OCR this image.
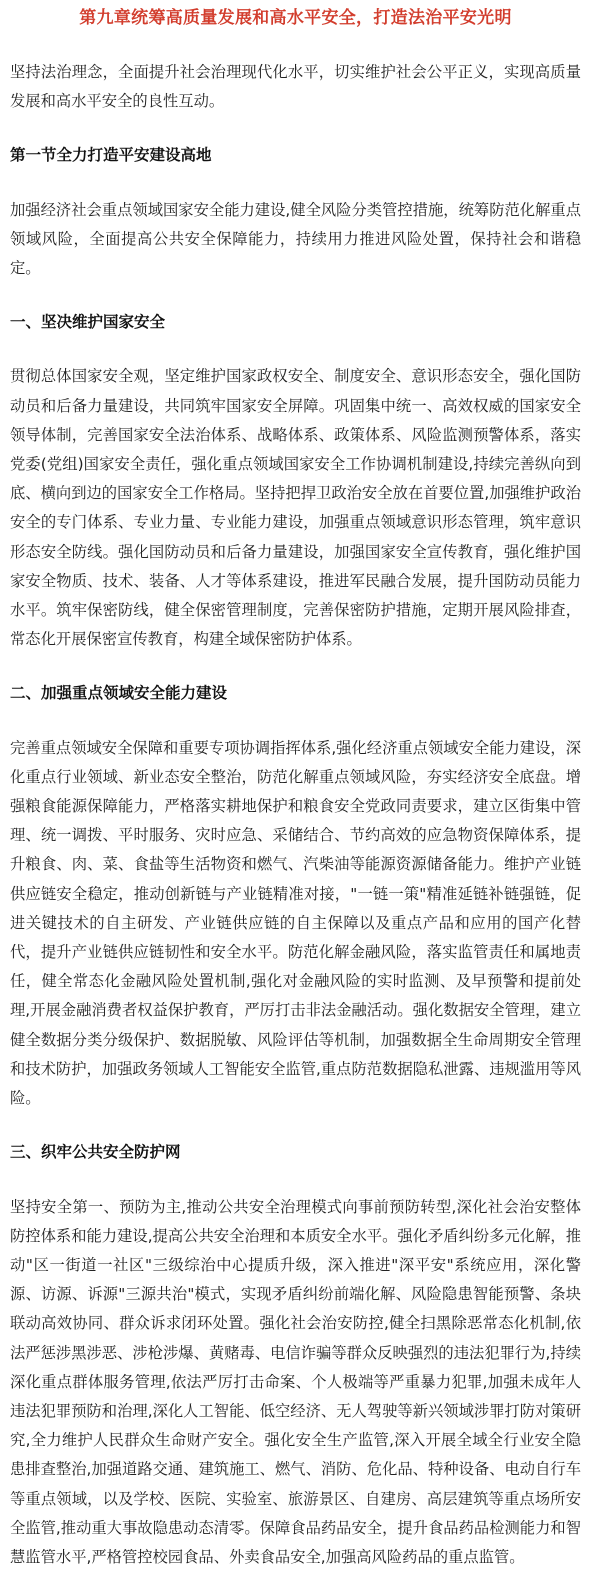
第九章统筹高质量发展和高水平安全，打造法治平安光明

坚持法治理念，全面提升社会治理现代化水平，切实维护社会公平正义，实现高质量发展和高水平安全的良性互动。

第一节全力打造平安建设高地

加强经济社会重点领域国家安全能力建设,健全风险分类管控措施，统筹防范化解重点领域风险，全面提高公共安全保障能力，持续用力推进风险处置，保持社会和谐稳定。

一、坚决维护国家安全

贯彻总体国家安全观，坚定维护国家政权安全、制度安全、意识形态安全，强化国防动员和后备力量建设，共同筑牢国家安全屏障。巩固集中统一、高效权威的国家安全领导体制，完善国家安全法治体系、战略体系、政策体系、风险监测预警体系，落实党委(党组)国家安全责任，强化重点领域国家安全工作协调机制建设,持续完善纵向到底、横向到边的国家安全工作格局。坚持把捍卫政治安全放在首要位置,加强维护政治安全的专门体系、专业力量、专业能力建设，加强重点领域意识形态管理，筑牢意识形态安全防线。强化国防动员和后备力量建设，加强国家安全宣传教育，强化维护国家安全物质、技术、装备、人才等体系建设，推进军民融合发展，提升国防动员能力水平。筑牢保密防线，健全保密管理制度，完善保密防护措施，定期开展风险排查，常态化开展保密宣传教育，构建全域保密防护体系。

二、加强重点领域安全能力建设

完善重点领域安全保障和重要专项协调指挥体系,强化经济重点领域安全能力建设，深化重点行业领域、新业态安全整治，防范化解重点领域风险，夯实经济安全底盘。增强粮食能源保障能力，严格落实耕地保护和粮食安全党政同责要求，建立区街集中管理、统一调拨、平时服务、灾时应急、采储结合、节约高效的应急物资保障体系，提升粮食、肉、菜、食盐等生活物资和燃气、汽柴油等能源资源储备能力。维护产业链供应链安全稳定，推动创新链与产业链精准对接，"一链一策"精准延链补链强链，促进关键技术的自主研发、产业链供应链的自主保障以及重点产品和应用的国产化替代，提升产业链供应链韧性和安全水平。防范化解金融风险，落实监管责任和属地责任，健全常态化金融风险处置机制,强化对金融风险的实时监测、及早预警和提前处理,开展金融消费者权益保护教育，严厉打击非法金融活动。强化数据安全管理，建立健全数据分类分级保护、数据脱敏、风险评估等机制，加强数据全生命周期安全管理和技术防护，加强政务领域人工智能安全监管,重点防范数据隐私泄露、违规滥用等风险。

三、织牢公共安全防护网

坚持安全第一、预防为主,推动公共安全治理模式向事前预防转型,深化社会治安整体防控体系和能力建设,提高公共安全治理和本质安全水平。强化矛盾纠纷多元化解，推动"区一街道一社区"三级综治中心提质升级，深入推进"深平安"系统应用，深化警源、访源、诉源"三源共治"模式，实现矛盾纠纷前端化解、风险隐患智能预警、条块联动高效协同、群众诉求闭环处置。强化社会治安防控,健全扫黑除恶常态化机制,依法严惩涉黑涉恶、涉枪涉爆、黄赌毒、电信诈骗等群众反映强烈的违法犯罪行为,持续深化重点群体服务管理,依法严厉打击命案、个人极端等严重暴力犯罪,加强未成年人违法犯罪预防和治理,深化人工智能、低空经济、无人驾驶等新兴领域涉罪打防对策研究,全力维护人民群众生命财产安全。强化安全生产监管,深入开展全域全行业安全隐患排查整治,加强道路交通、建筑施工、燃气、消防、危化品、特种设备、电动自行车等重点领域，以及学校、医院、实验室、旅游景区、自建房、高层建筑等重点场所安全监管,推动重大事故隐患动态清零。保障食品药品安全，提升食品药品检测能力和智慧监管水平,严格管控校园食品、外卖食品安全,加强高风险药品的重点监管。
